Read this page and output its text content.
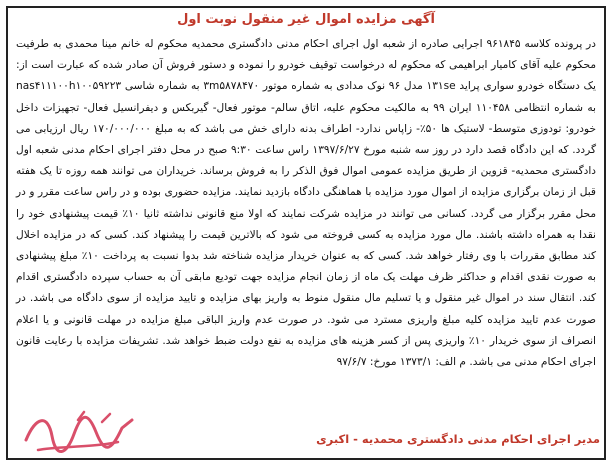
آگهی مزایده اموال غیر منقول نوبت اول

در پرونده کلاسه ۹۶۱۸۴۵ اجرایی صادره از شعبه اول اجرای احکام مدنی دادگستری محمدیه محکوم له خانم مینا محمدی به طرفیت محکوم علیه آقای کامیار ابراهیمی که محکوم له درخواست توقیف خودرو را نموده و دستور فروش آن صادر شده که عبارت است از: یک دستگاه خودرو سواری پراید ۱۳۱se مدل ۹۶ نوک مدادی به شماره موتور ۳m۵۸۷۸۴۷۰ به شماره شاسی nas۴۱۱۱۰۰h۱۰۰۵۹۲۲۳ به شماره انتظامی ۱۱۰۴۵۸ ایران ۹۹ به مالکیت محکوم علیه، اتاق سالم- موتور فعال- گیربکس و دیفرانسیل فعال- تجهیزات داخل خودرو: تودوزی متوسط- لاستیک ها ۵۰٪- زاپاس ندارد- اطراف بدنه دارای خش می باشد که به مبلغ ۱۷۰/۰۰۰/۰۰۰ ریال ارزیابی می گردد. که این دادگاه قصد دارد در روز سه شنبه مورخ ۱۳۹۷/۶/۲۷ راس ساعت ۹:۳۰ صبح در محل دفتر اجرای احکام مدنی شعبه اول دادگستری محمدیه- قزوین از طریق مزایده عمومی اموال فوق الذکر را به فروش برساند. خریداران می توانند همه روزه تا یک هفته قبل از زمان برگزاری مزایده از اموال مورد مزایده با هماهنگی دادگاه بازدید نمایند. مزایده حضوری بوده و در راس ساعت مقرر و در محل مقرر برگزار می گردد. کسانی می توانند در مزایده شرکت نمایند که اولا منع قانونی نداشته ثانیا ۱۰٪ قیمت پیشنهادی خود را نقدا به همراه داشته باشند. مال مورد مزایده به کسی فروخته می شود که بالاترین قیمت را پیشنهاد کند. کسی که در مزایده اخلال کند مطابق مقررات با وی رفتار خواهد شد. کسی که به عنوان خریدار مزایده شناخته شد بدوا نسبت به پرداخت ۱۰٪ مبلغ پیشنهادی به صورت نقدی اقدام و حداکثر ظرف مهلت یک ماه از زمان انجام مزایده جهت تودیع مابقی آن به حساب سپرده دادگستری اقدام کند. انتقال سند در اموال غیر منقول و یا تسلیم مال منقول منوط به واریز بهای مزایده و تایید مزایده از سوی دادگاه می باشد. در صورت عدم تایید مزایده کلیه مبلغ واریزی مسترد می شود. در صورت عدم واریز الباقی مبلغ مزایده در مهلت قانونی و یا اعلام انصراف از سوی خریدار ۱۰٪ واریزی پس از کسر هزینه های مزایده به نفع دولت ضبط خواهد شد. تشریفات مزایده با رعایت قانون اجرای احکام مدنی می باشد. م الف: ۱۳۷۳/۱ مورخ: ۹۷/۶/۷

مدیر اجرای احکام مدنی دادگستری محمدیه - اکبری
